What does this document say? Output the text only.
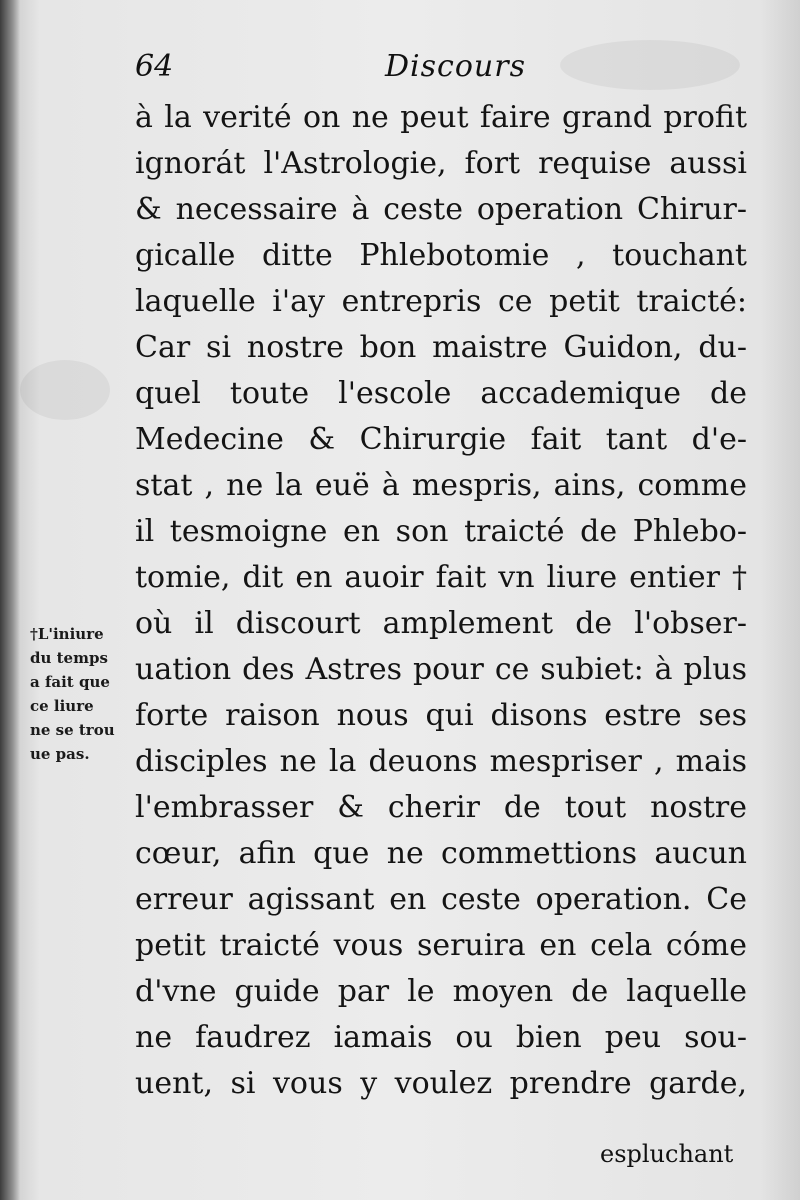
64	Discours
à la verité on ne peut faire grand profit
ignorát l'Astrologie, fort requise aussi
& necessaire à ceste operation Chirur-
gicalle ditte Phlebotomie , touchant
laquelle i'ay entrepris ce petit traicté:
Car si nostre bon maistre Guidon, du-
quel toute l'escole accademique de
Medecine & Chirurgie fait tant d'e-
stat , ne la euë à mespris, ains, comme
il tesmoigne en son traicté de Phlebo-
tomie, dit en auoir fait vn liure entier †
où il discourt amplement de l'obser-
uation des Astres pour ce subiet: à plus
forte raison nous qui disons estre ses
disciples ne la deuons mespriser , mais
l'embrasser & cherir de tout nostre
cœur, afin que ne commettions aucun
erreur agissant en ceste operation. Ce
petit traicté vous seruira en cela cóme
d'vne guide par le moyen de laquelle
ne faudrez iamais ou bien peu sou-
uent, si vous y voulez prendre garde,
†L'iniure
du temps
a fait que
ce liure
ne se trou
ue pas.
espluchant
